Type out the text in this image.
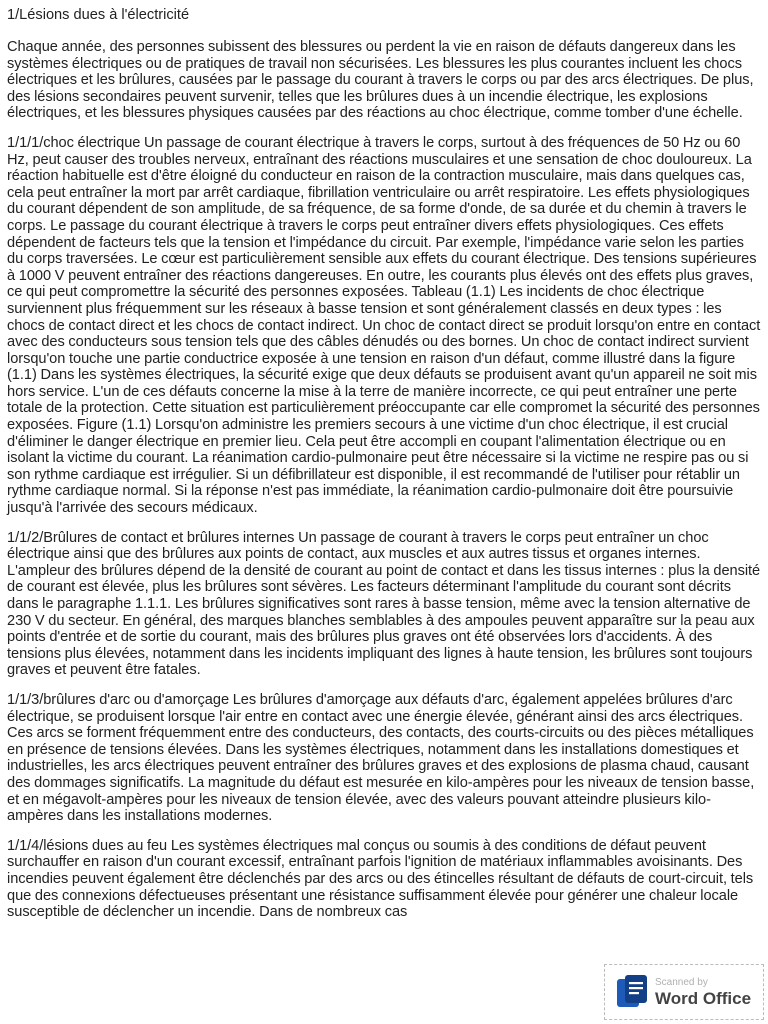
1/Lésions dues à l'électricité

Chaque année, des personnes subissent des blessures ou perdent la vie en raison de défauts dangereux dans les systèmes électriques ou de pratiques de travail non sécurisées. Les blessures les plus courantes incluent les chocs électriques et les brûlures, causées par le passage du courant à travers le corps ou par des arcs électriques. De plus, des lésions secondaires peuvent survenir, telles que les brûlures dues à un incendie électrique, les explosions électriques, et les blessures physiques causées par des réactions au choc électrique, comme tomber d'une échelle.

1/1/1/choc électrique Un passage de courant électrique à travers le corps, surtout à des fréquences de 50 Hz ou 60 Hz, peut causer des troubles nerveux, entraînant des réactions musculaires et une sensation de choc douloureux. La réaction habituelle est d'être éloigné du conducteur en raison de la contraction musculaire, mais dans quelques cas, cela peut entraîner la mort par arrêt cardiaque, fibrillation ventriculaire ou arrêt respiratoire. Les effets physiologiques du courant dépendent de son amplitude, de sa fréquence, de sa forme d'onde, de sa durée et du chemin à travers le corps. Le passage du courant électrique à travers le corps peut entraîner divers effets physiologiques. Ces effets dépendent de facteurs tels que la tension et l'impédance du circuit. Par exemple, l'impédance varie selon les parties du corps traversées. Le cœur est particulièrement sensible aux effets du courant électrique. Des tensions supérieures à 1000 V peuvent entraîner des réactions dangereuses. En outre, les courants plus élevés ont des effets plus graves, ce qui peut compromettre la sécurité des personnes exposées. Tableau (1.1) Les incidents de choc électrique surviennent plus fréquemment sur les réseaux à basse tension et sont généralement classés en deux types : les chocs de contact direct et les chocs de contact indirect. Un choc de contact direct se produit lorsqu'on entre en contact avec des conducteurs sous tension tels que des câbles dénudés ou des bornes. Un choc de contact indirect survient lorsqu'on touche une partie conductrice exposée à une tension en raison d'un défaut, comme illustré dans la figure (1.1) Dans les systèmes électriques, la sécurité exige que deux défauts se produisent avant qu'un appareil ne soit mis hors service. L'un de ces défauts concerne la mise à la terre de manière incorrecte, ce qui peut entraîner une perte totale de la protection. Cette situation est particulièrement préoccupante car elle compromet la sécurité des personnes exposées. Figure (1.1) Lorsqu'on administre les premiers secours à une victime d'un choc électrique, il est crucial d'éliminer le danger électrique en premier lieu. Cela peut être accompli en coupant l'alimentation électrique ou en isolant la victime du courant. La réanimation cardio-pulmonaire peut être nécessaire si la victime ne respire pas ou si son rythme cardiaque est irrégulier. Si un défibrillateur est disponible, il est recommandé de l'utiliser pour rétablir un rythme cardiaque normal. Si la réponse n'est pas immédiate, la réanimation cardio-pulmonaire doit être poursuivie jusqu'à l'arrivée des secours médicaux.

1/1/2/Brûlures de contact et brûlures internes Un passage de courant à travers le corps peut entraîner un choc électrique ainsi que des brûlures aux points de contact, aux muscles et aux autres tissus et organes internes. L'ampleur des brûlures dépend de la densité de courant au point de contact et dans les tissus internes : plus la densité de courant est élevée, plus les brûlures sont sévères. Les facteurs déterminant l'amplitude du courant sont décrits dans le paragraphe 1.1.1. Les brûlures significatives sont rares à basse tension, même avec la tension alternative de 230 V du secteur. En général, des marques blanches semblables à des ampoules peuvent apparaître sur la peau aux points d'entrée et de sortie du courant, mais des brûlures plus graves ont été observées lors d'accidents. À des tensions plus élevées, notamment dans les incidents impliquant des lignes à haute tension, les brûlures sont toujours graves et peuvent être fatales.

1/1/3/brûlures d'arc ou d'amorçage Les brûlures d'amorçage aux défauts d'arc, également appelées brûlures d'arc électrique, se produisent lorsque l'air entre en contact avec une énergie élevée, générant ainsi des arcs électriques. Ces arcs se forment fréquemment entre des conducteurs, des contacts, des courts-circuits ou des pièces métalliques en présence de tensions élevées. Dans les systèmes électriques, notamment dans les installations domestiques et industrielles, les arcs électriques peuvent entraîner des brûlures graves et des explosions de plasma chaud, causant des dommages significatifs. La magnitude du défaut est mesurée en kilo-ampères pour les niveaux de tension basse, et en mégavolt-ampères pour les niveaux de tension élevée, avec des valeurs pouvant atteindre plusieurs kilo-ampères dans les installations modernes.

1/1/4/lésions dues au feu Les systèmes électriques mal conçus ou soumis à des conditions de défaut peuvent surchauffer en raison d'un courant excessif, entraînant parfois l'ignition de matériaux inflammables avoisinants. Des incendies peuvent également être déclenchés par des arcs ou des étincelles résultant de défauts de court-circuit, tels que des connexions défectueuses présentant une résistance suffisamment élevée pour générer une chaleur locale susceptible de déclencher un incendie. Dans de nombreux cas

Scanned by
Word Office
